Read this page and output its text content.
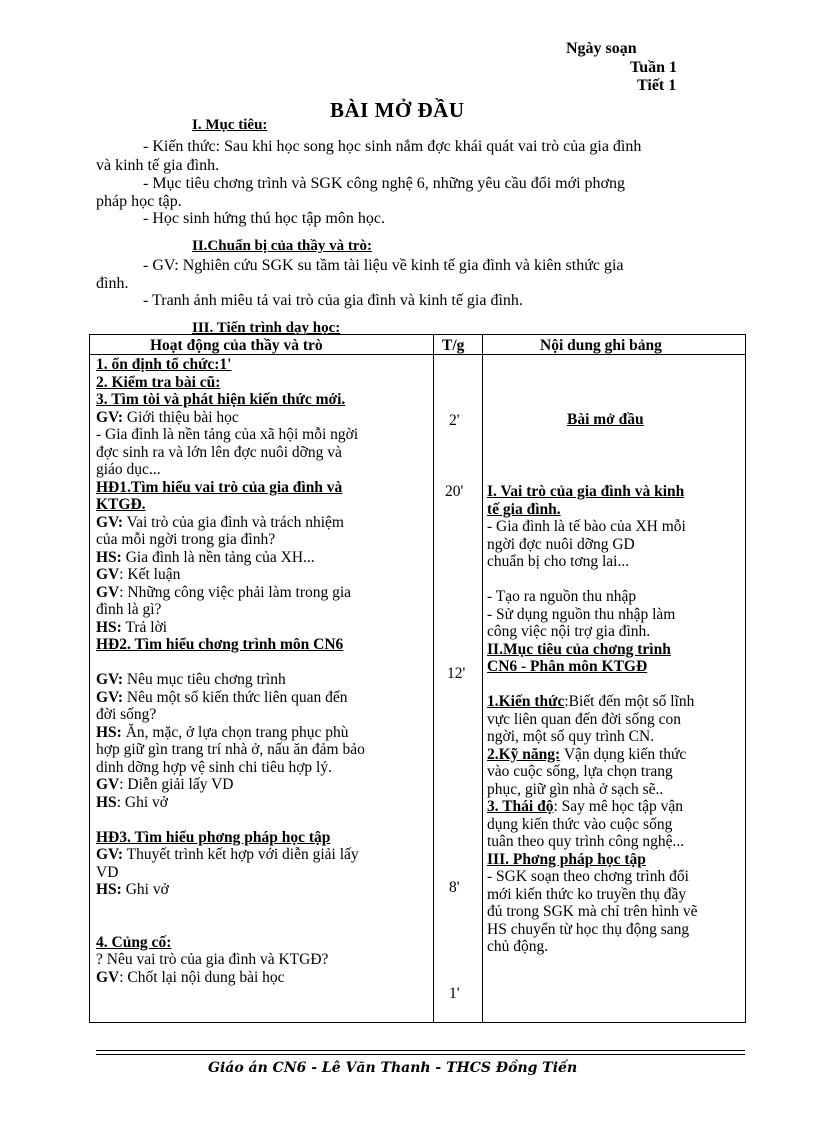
Ngày soạn
Tuần 1
Tiết 1
BÀI MỞ ĐẦU
I. Mục tiêu:
- Kiến thức: Sau khi học song học sinh nắm đợc khái quát vai trò của gia đình
và kinh tế gia đình.
- Mục tiêu chơng trình và SGK công nghệ 6, những yêu cầu đổi mới phơng
pháp học tập.
- Học sinh hứng thú học tập môn học.
II.Chuẩn bị của thầy và trò:
- GV: Nghiên cứu SGK su tầm tài liệu về kinh tế gia đình và kiên sthức gia
đình.
- Tranh ảnh miêu tả vai trò của gia đình và kinh tế gia đình.
III. Tiến trình dạy học:
Hoạt động của thầy và trò	T/g	Nội dung ghi bảng
1. ổn định tổ chức:1'
2. Kiểm tra bài cũ:
3. Tìm tòi và phát hiện kiến thức mới.
GV: Giới thiệu bài học
- Gia đình là nền tảng của xã hội mỗi ngời
đợc sinh ra và lớn lên đợc nuôi dỡng và
giáo dục...
HĐ1.Tìm hiểu vai trò của gia đình và
KTGĐ.
GV: Vai trò của gia đình và trách nhiệm
của mỗi ngời trong gia đình?
HS: Gia đình là nền tảng của XH...
GV: Kết luận
GV: Những công việc phải làm trong gia
đình là gì?
HS: Trả lời
HĐ2. Tìm hiểu chơng trình môn CN6
GV: Nêu mục tiêu chơng trình
GV: Nêu một số kiến thức liên quan đến
đời sống?
HS: Ăn, mặc, ở lựa chọn trang phục phù
hợp giữ gìn trang trí nhà ở, nấu ăn đảm bảo
dinh dỡng hợp vệ sinh chi tiêu hợp lý.
GV: Diễn giải lấy VD
HS: Ghi vở
HĐ3. Tìm hiểu phơng pháp học tập
GV: Thuyết trình kết hợp với diễn giải lấy
VD
HS: Ghi vở
4. Củng cố:
? Nêu vai trò của gia đình và KTGĐ?
GV: Chốt lại nội dung bài học
2'
20'
12'
8'
1'
Bài mở đầu
I. Vai trò của gia đình và kinh
tế gia đình.
- Gia đình là tế bào của XH mỗi
ngời đợc nuôi dỡng GD
chuẩn bị cho tơng lai...
- Tạo ra nguồn thu nhập
- Sử dụng nguồn thu nhập làm
công việc nội trợ gia đình.
II.Mục tiêu của chơng trình
CN6 - Phân môn KTGĐ
1.Kiến thức:Biết đến một số lĩnh
vực liên quan đến đời sống con
ngời, một số quy trình CN.
2.Kỹ năng: Vận dụng kiến thức
vào cuộc sống, lựa chọn trang
phục, giữ gìn nhà ở sạch sẽ..
3. Thái độ: Say mê học tập vận
dụng kiến thức vào cuộc sống
tuân theo quy trình công nghệ...
III. Phơng pháp học tập
- SGK soạn theo chơng trình đổi
mới kiến thức ko truyền thụ đầy
đủ trong SGK mà chỉ trên hình vẽ
HS chuyển từ học thụ động sang
chủ động.
Giáo án CN6 - Lê Văn Thanh - THCS Đồng Tiến
